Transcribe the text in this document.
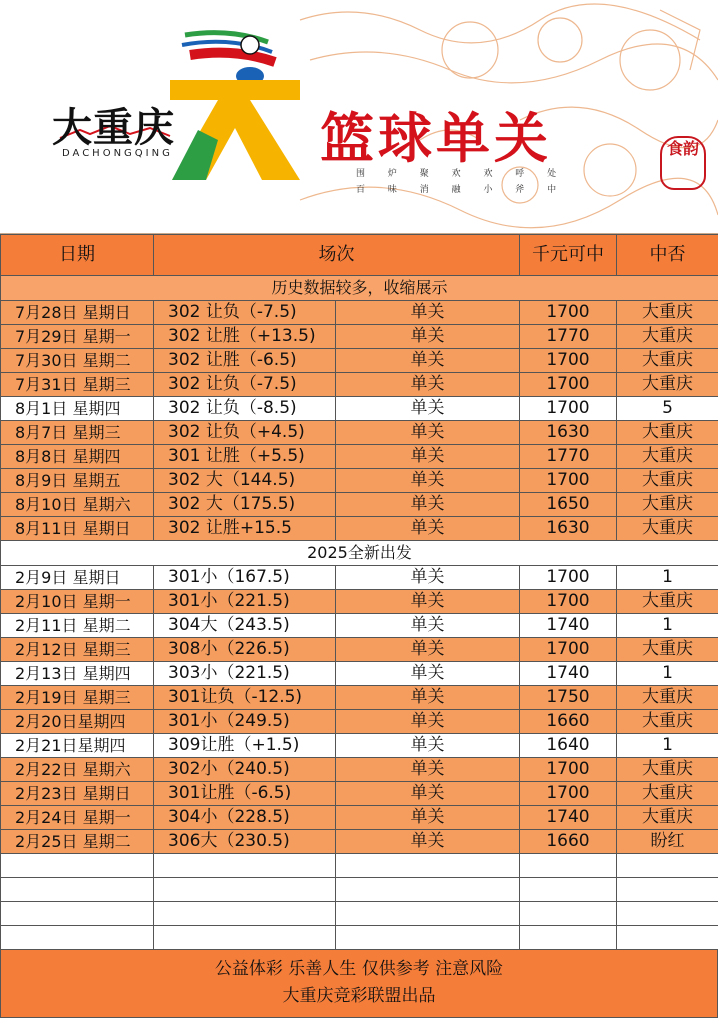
大重庆
DACHONGQING	篮球单关
围 炉 聚 欢 欢 呼 处
百 味 消 融 小 斧 中
食韵
日期	场次		千元可中	中否
历史数据较多，收缩展示				
7月28日 星期日	302 让负（-7.5)	单关	1700	大重庆
7月29日 星期一	302 让胜（+13.5)	单关	1770	大重庆
7月30日 星期二	302 让胜（-6.5)	单关	1700	大重庆
7月31日 星期三	302 让负（-7.5)	单关	1700	大重庆
8月1日 星期四	302 让负（-8.5)	单关	1700	5
8月7日 星期三	302 让负（+4.5)	单关	1630	大重庆
8月8日 星期四	301 让胜（+5.5)	单关	1770	大重庆
8月9日 星期五	302 大（144.5)	单关	1700	大重庆
8月10日 星期六	302 大（175.5)	单关	1650	大重庆
8月11日 星期日	302 让胜+15.5	单关	1630	大重庆
2025全新出发				
2月9日 星期日	301小（167.5)	单关	1700	1
2月10日 星期一	301小（221.5)	单关	1700	大重庆
2月11日 星期二	304大（243.5)	单关	1740	1
2月12日 星期三	308小（226.5)	单关	1700	大重庆
2月13日 星期四	303小（221.5)	单关	1740	1
2月19日 星期三	301让负（-12.5)	单关	1750	大重庆
2月20日星期四	301小（249.5)	单关	1660	大重庆
2月21日星期四	309让胜（+1.5)	单关	1640	1
2月22日 星期六	302小（240.5)	单关	1700	大重庆
2月23日 星期日	301让胜（-6.5)	单关	1700	大重庆
2月24日 星期一	304小（228.5)	单关	1740	大重庆
2月25日 星期二	306大（230.5)	单关	1660	盼红

公益体彩 乐善人生 仅供参考 注意风险
大重庆竞彩联盟出品
